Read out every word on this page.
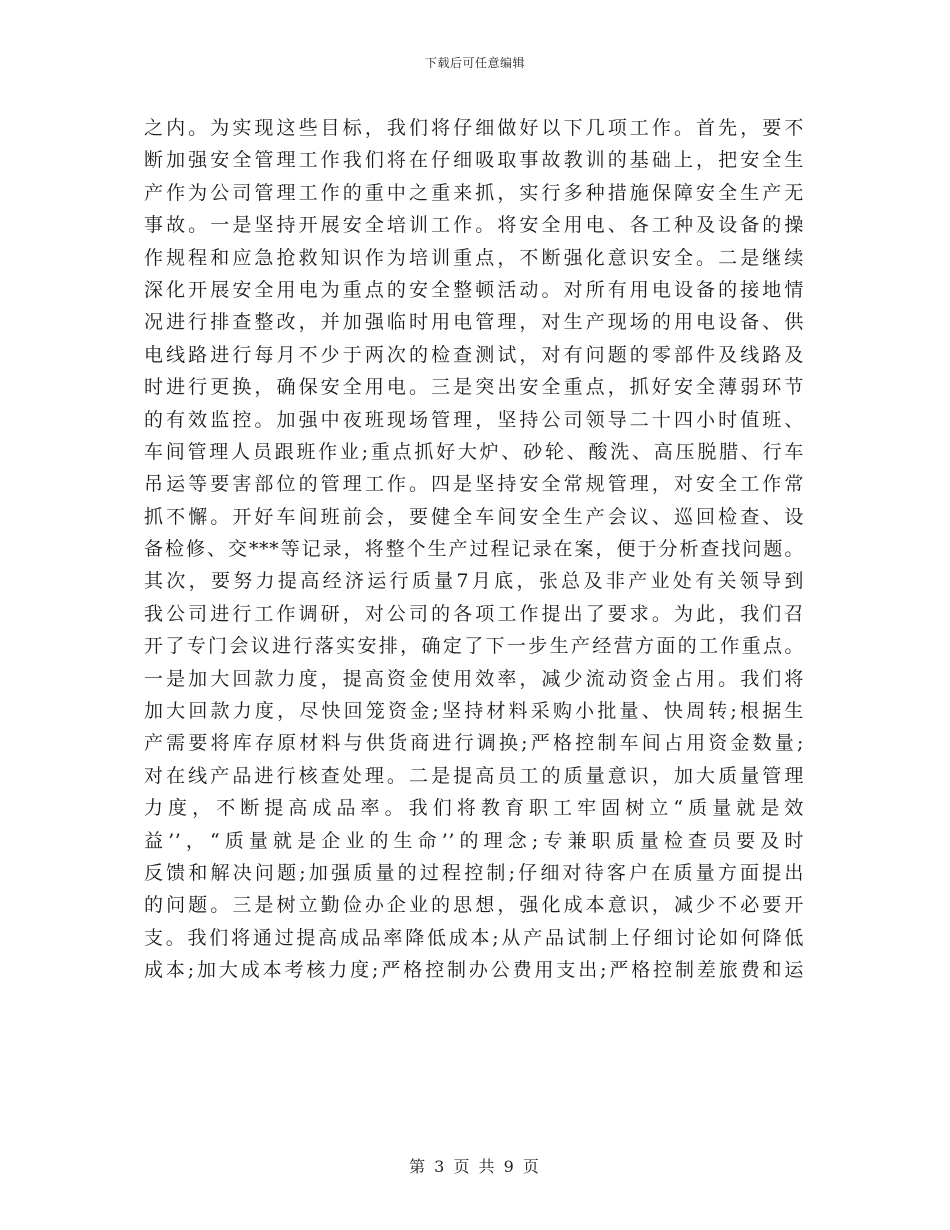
下载后可任意编辑
之内。为实现这些目标，我们将仔细做好以下几项工作。首先，要不
断加强安全管理工作我们将在仔细吸取事故教训的基础上，把安全生
产作为公司管理工作的重中之重来抓，实行多种措施保障安全生产无
事故。一是坚持开展安全培训工作。将安全用电、各工种及设备的操
作规程和应急抢救知识作为培训重点，不断强化意识安全。二是继续
深化开展安全用电为重点的安全整顿活动。对所有用电设备的接地情
况进行排查整改，并加强临时用电管理，对生产现场的用电设备、供
电线路进行每月不少于两次的检查测试，对有问题的零部件及线路及
时进行更换，确保安全用电。三是突出安全重点，抓好安全薄弱环节
的有效监控。加强中夜班现场管理，坚持公司领导二十四小时值班、
车间管理人员跟班作业;重点抓好大炉、砂轮、酸洗、高压脱腊、行车
吊运等要害部位的管理工作。四是坚持安全常规管理，对安全工作常
抓不懈。开好车间班前会，要健全车间安全生产会议、巡回检查、设
备检修、交***等记录，将整个生产过程记录在案，便于分析查找问题。
其次，要努力提高经济运行质量7月底，张总及非产业处有关领导到
我公司进行工作调研，对公司的各项工作提出了要求。为此，我们召
开了专门会议进行落实安排，确定了下一步生产经营方面的工作重点。
一是加大回款力度，提高资金使用效率，减少流动资金占用。我们将
加大回款力度，尽快回笼资金;坚持材料采购小批量、快周转;根据生
产需要将库存原材料与供货商进行调换;严格控制车间占用资金数量;
对在线产品进行核查处理。二是提高员工的质量意识，加大质量管理
力度，不断提高成品率。我们将教育职工牢固树立“质量就是效
益’’，“质量就是企业的生命’’的理念;专兼职质量检查员要及时
反馈和解决问题;加强质量的过程控制;仔细对待客户在质量方面提出
的问题。三是树立勤俭办企业的思想，强化成本意识，减少不必要开
支。我们将通过提高成品率降低成本;从产品试制上仔细讨论如何降低
成本;加大成本考核力度;严格控制办公费用支出;严格控制差旅费和运
第 3 页 共 9 页
